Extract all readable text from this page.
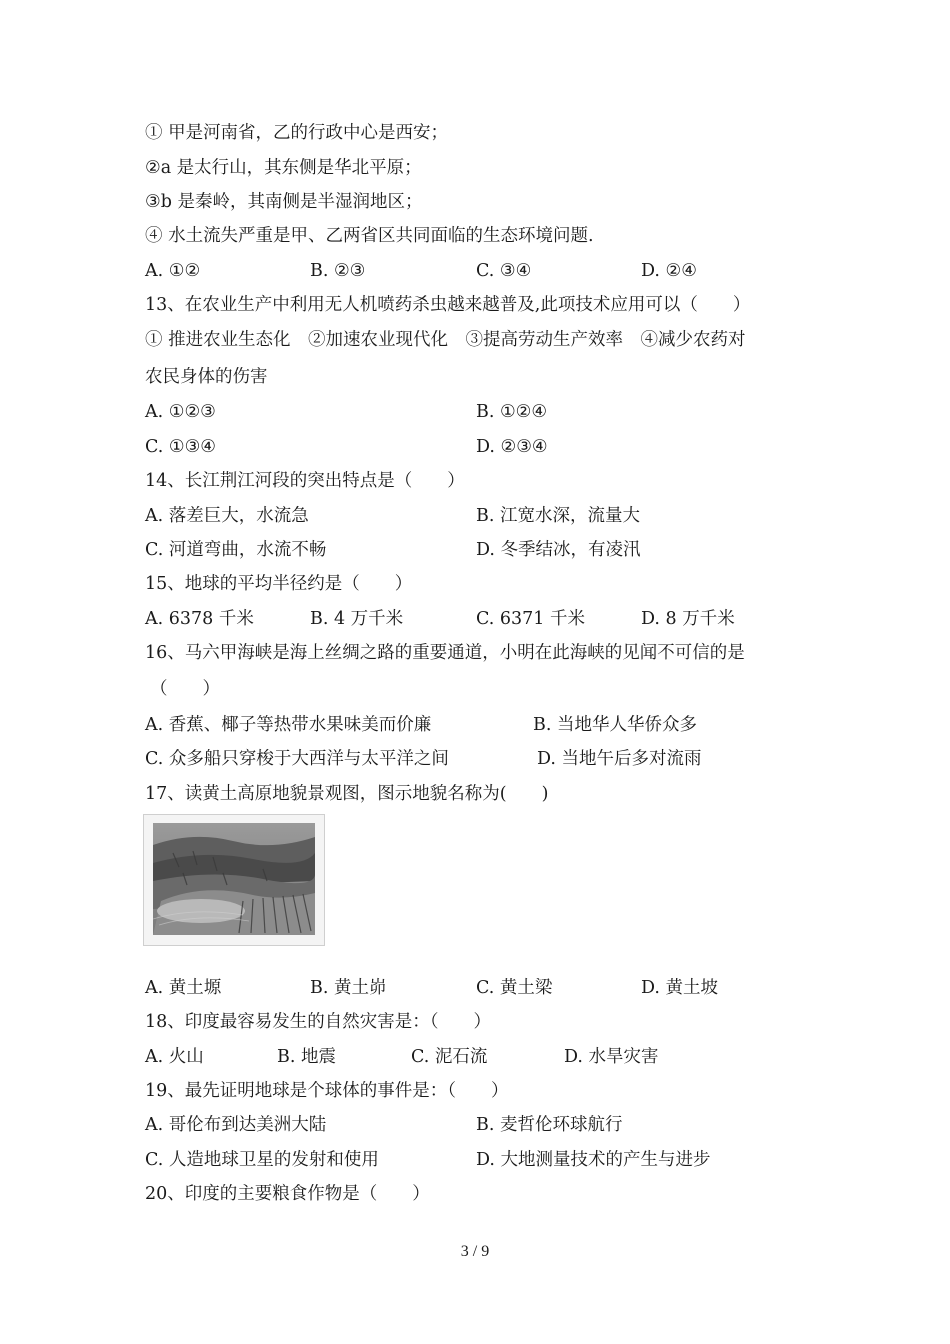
① 甲是河南省，乙的行政中心是西安；
②a 是太行山，其东侧是华北平原；
③b 是秦岭，其南侧是半湿润地区；
④ 水土流失严重是甲、乙两省区共同面临的生态环境问题.
A. ①②	B. ②③	C. ③④	D. ②④
13、在农业生产中利用无人机喷药杀虫越来越普及,此项技术应用可以（　　）
① 推进农业生态化　②加速农业现代化　③提高劳动生产效率　④减少农药对
农民身体的伤害
A. ①②③	B. ①②④
C. ①③④	D. ②③④
14、长江荆江河段的突出特点是（　　）
A. 落差巨大，水流急	B. 江宽水深，流量大
C. 河道弯曲，水流不畅	D. 冬季结冰，有凌汛
15、地球的平均半径约是（　　）
A. 6378 千米	B. 4 万千米	C. 6371 千米	D. 8 万千米
16、马六甲海峡是海上丝绸之路的重要通道，小明在此海峡的见闻不可信的是
（　　）
A. 香蕉、椰子等热带水果味美而价廉	B. 当地华人华侨众多
C. 众多船只穿梭于大西洋与太平洋之间	D. 当地午后多对流雨
17、读黄土高原地貌景观图，图示地貌名称为(　　)
A. 黄土塬	B. 黄土峁	C. 黄土梁	D. 黄土坡
18、印度最容易发生的自然灾害是：（　　）
A. 火山	B. 地震	C. 泥石流	D. 水旱灾害
19、最先证明地球是个球体的事件是：（　　）
A. 哥伦布到达美洲大陆	B. 麦哲伦环球航行
C. 人造地球卫星的发射和使用	D. 大地测量技术的产生与进步
20、印度的主要粮食作物是（　　）
3 / 9
